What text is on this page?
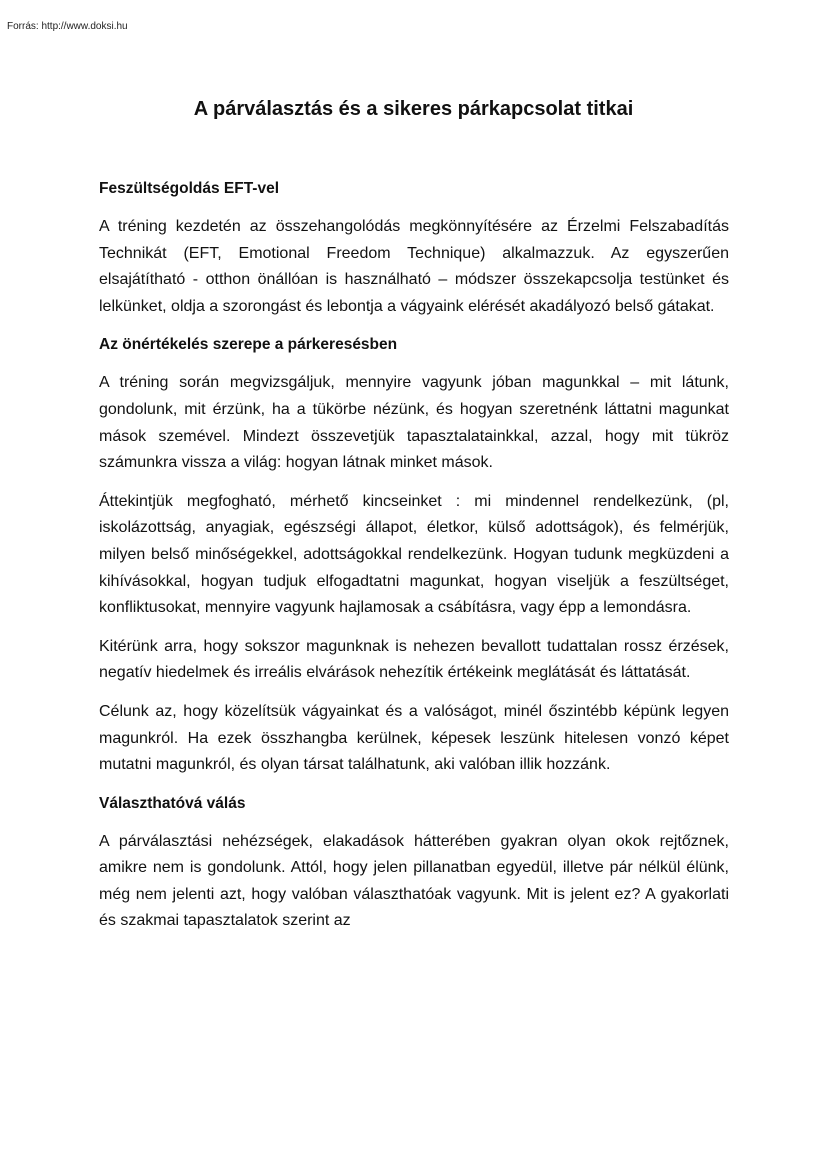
Forrás: http://www.doksi.hu
A párválasztás és a sikeres párkapcsolat titkai
Feszültségoldás EFT-vel

A tréning kezdetén az összehangolódás megkönnyítésére az Érzelmi Felszabadítás Technikát (EFT, Emotional Freedom Technique) alkalmazzuk. Az egyszerűen elsajátítható - otthon önállóan is használható – módszer összekapcsolja testünket és lelkünket, oldja a szorongást és lebontja a vágyaink elérését akadályozó belső gátakat.

Az önértékelés szerepe a párkeresésben

A tréning során megvizsgáljuk, mennyire vagyunk jóban magunkkal – mit látunk, gondolunk, mit érzünk, ha a tükörbe nézünk, és hogyan szeretnénk láttatni magunkat mások szemével. Mindezt összevetjük tapasztalatainkkal, azzal, hogy mit tükröz számunkra vissza a világ: hogyan látnak minket mások.

Áttekintjük megfogható, mérhető kincseinket : mi mindennel rendelkezünk, (pl, iskolázottság, anyagiak, egészségi állapot, életkor, külső adottságok), és felmérjük, milyen belső minőségekkel, adottságokkal rendelkezünk. Hogyan tudunk megküzdeni a kihívásokkal, hogyan tudjuk elfogadtatni magunkat, hogyan viseljük a feszültséget, konfliktusokat, mennyire vagyunk hajlamosak a csábításra, vagy épp a lemondásra.

Kitérünk arra, hogy sokszor magunknak is nehezen bevallott tudattalan rossz érzések, negatív hiedelmek és irreális elvárások nehezítik értékeink meglátását és láttatását.

Célunk az, hogy közelítsük vágyainkat és a valóságot, minél őszintébb képünk legyen magunkról. Ha ezek összhangba kerülnek, képesek leszünk hitelesen vonzó képet mutatni magunkról, és olyan társat találhatunk, aki valóban illik hozzánk.

Választhatóvá válás

A párválasztási nehézségek, elakadások hátterében gyakran olyan okok rejtőznek, amikre nem is gondolunk. Attól, hogy jelen pillanatban egyedül, illetve pár nélkül élünk, még nem jelenti azt, hogy valóban választhatóak vagyunk. Mit is jelent ez? A gyakorlati és szakmai tapasztalatok szerint az
